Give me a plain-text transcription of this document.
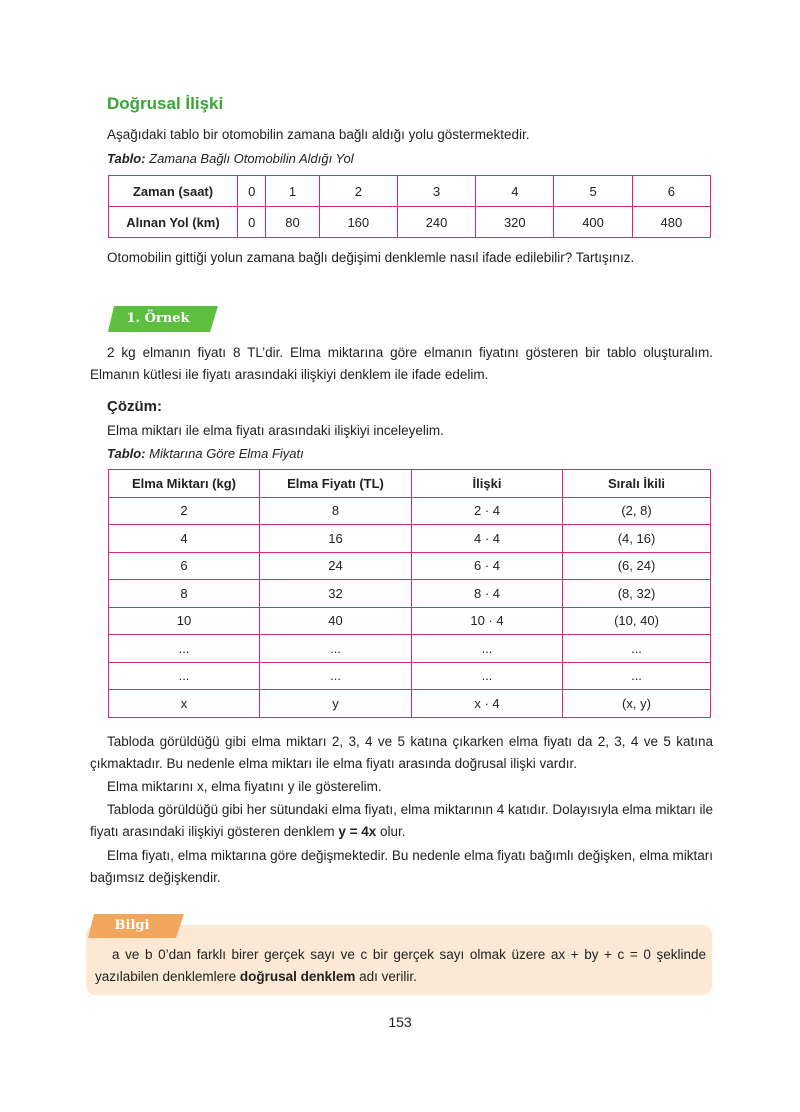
Doğrusal İlişki

Aşağıdaki tablo bir otomobilin zamana bağlı aldığı yolu göstermektedir.

Tablo: Zamana Bağlı Otomobilin Aldığı Yol

Zaman (saat)	0	1	2	3	4	5	6
Alınan Yol (km)	0	80	160	240	320	400	480

Otomobilin gittiği yolun zamana bağlı değişimi denklemle nasıl ifade edilebilir? Tartışınız.

1. Örnek

2 kg elmanın fiyatı 8 TL’dir. Elma miktarına göre elmanın fiyatını gösteren bir tablo oluşturalım. Elmanın kütlesi ile fiyatı arasındaki ilişkiyi denklem ile ifade edelim.

Çözüm:

Elma miktarı ile elma fiyatı arasındaki ilişkiyi inceleyelim.

Tablo: Miktarına Göre Elma Fiyatı

Elma Miktarı (kg)	Elma Fiyatı (TL)	İlişki	Sıralı İkili
2	8	2 · 4	(2, 8)
4	16	4 · 4	(4, 16)
6	24	6 · 4	(6, 24)
8	32	8 · 4	(8, 32)
10	40	10 · 4	(10, 40)
...	...	...	...
...	...	...	...
x	y	x · 4	(x, y)

Tabloda görüldüğü gibi elma miktarı 2, 3, 4 ve 5 katına çıkarken elma fiyatı da 2, 3, 4 ve 5 katına çıkmaktadır. Bu nedenle elma miktarı ile elma fiyatı arasında doğrusal ilişki vardır.

Elma miktarını x, elma fiyatını y ile gösterelim.

Tabloda görüldüğü gibi her sütundaki elma fiyatı, elma miktarının 4 katıdır. Dolayısıyla elma miktarı ile fiyatı arasındaki ilişkiyi gösteren denklem y = 4x olur.

Elma fiyatı, elma miktarına göre değişmektedir. Bu nedenle elma fiyatı bağımlı değişken, elma miktarı bağımsız değişkendir.

Bilgi

a ve b 0’dan farklı birer gerçek sayı ve c bir gerçek sayı olmak üzere ax + by + c = 0 şeklinde yazılabilen denklemlere doğrusal denklem adı verilir.

153
